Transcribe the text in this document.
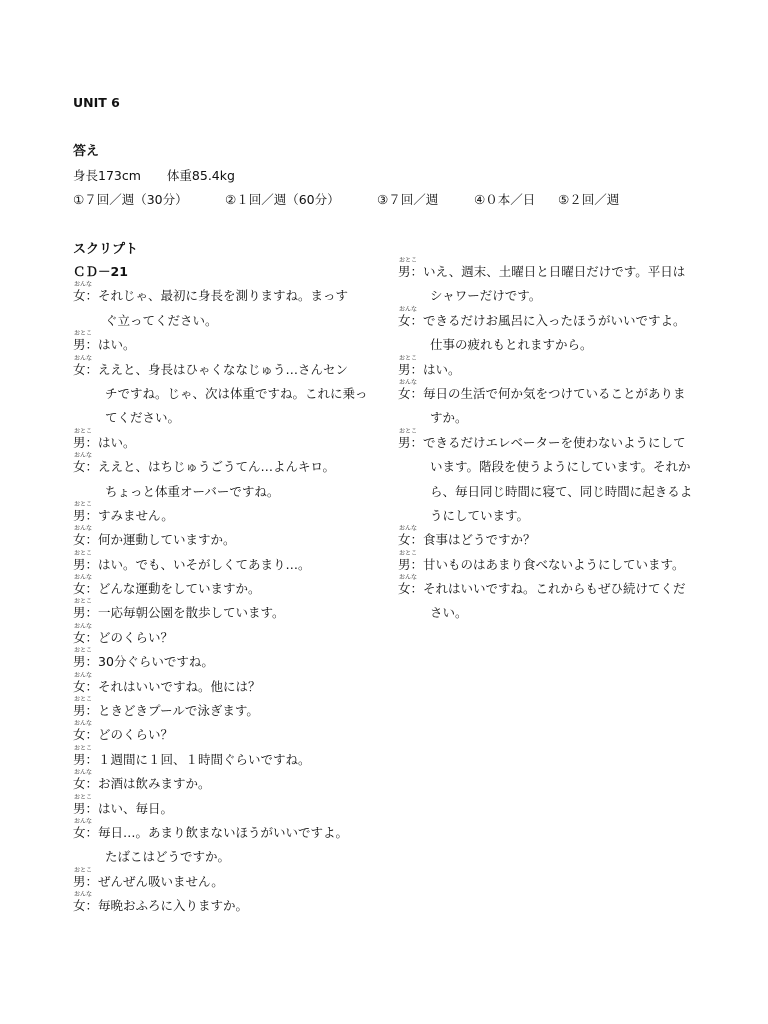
UNIT 6
答え
身長173cm 体重85.4kg
①７回／週（30分）	②１回／週（60分）	③７回／週	④０本／日 ⑤２回／週
スクリプト
ＣＤ－21
おんな
女：それじゃ、最初に身長を測りますね。まっす
ぐ立ってください。
おとこ
男：はい。
おんな
女：ええと、身長はひゃくななじゅう…さんセン
チですね。じゃ、次は体重ですね。これに乗っ
てください。
おとこ
男：はい。
おんな
女：ええと、はちじゅうごうてん…よんキロ。
ちょっと体重オーバーですね。
おとこ
男：すみません。
おんな
女：何か運動していますか。
おとこ
男：はい。でも、いそがしくてあまり…。
おんな
女：どんな運動をしていますか。
おとこ
男：一応毎朝公園を散歩しています。
おんな
女：どのくらい？
おとこ
男：30分ぐらいですね。
おんな
女：それはいいですね。他には？
おとこ
男：ときどきプールで泳ぎます。
おんな
女：どのくらい？
おとこ
男：１週間に１回、１時間ぐらいですね。
おんな
女：お酒は飲みますか。
おとこ
男：はい、毎日。
おんな
女：毎日…。あまり飲まないほうがいいですよ。
たばこはどうですか。
おとこ
男：ぜんぜん吸いません。
おんな
女：毎晩おふろに入りますか。
おとこ
男：いえ、週末、土曜日と日曜日だけです。平日は
シャワーだけです。
おんな
女：できるだけお風呂に入ったほうがいいですよ。
仕事の疲れもとれますから。
おとこ
男：はい。
おんな
女：毎日の生活で何か気をつけていることがありま
すか。
おとこ
男：できるだけエレベーターを使わないようにして
います。階段を使うようにしています。それか
ら、毎日同じ時間に寝て、同じ時間に起きるよ
うにしています。
おんな
女：食事はどうですか？
おとこ
男：甘いものはあまり食べないようにしています。
おんな
女：それはいいですね。これからもぜひ続けてくだ
さい。
